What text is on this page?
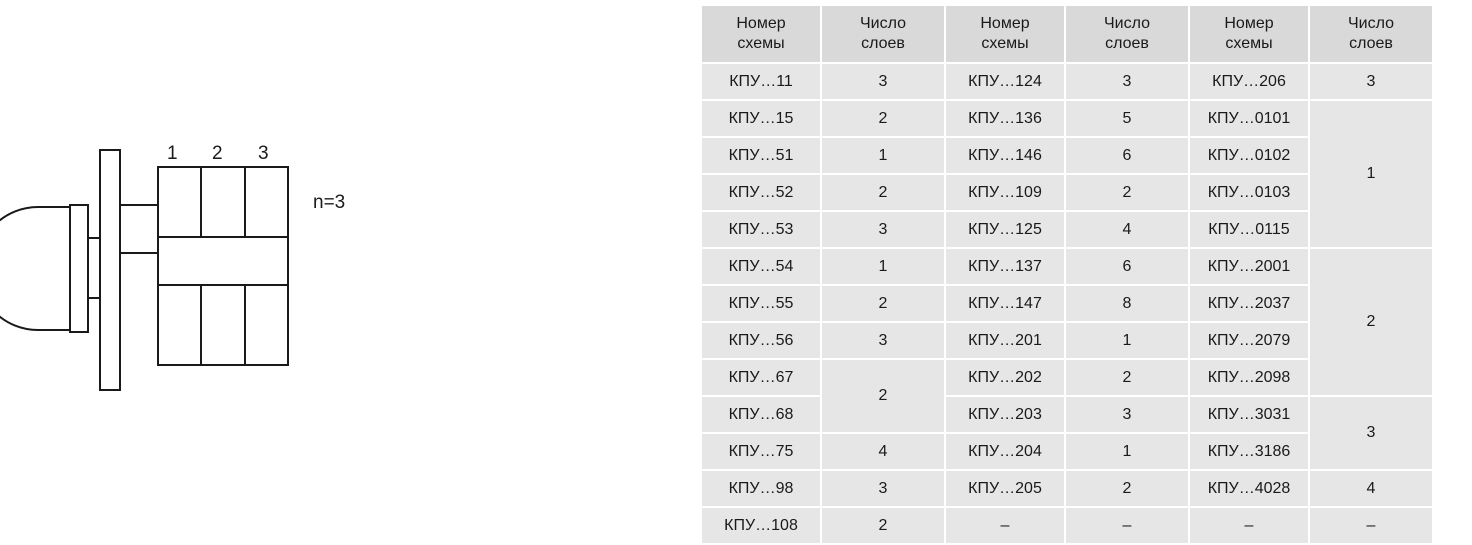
1 2 3
n=3
Номер
схемы	Число
слоев	Номер
схемы	Число
слоев	Номер
схемы	Число
слоев
КПУ…11	3	КПУ…124	3	КПУ…206	3
КПУ…15	2	КПУ…136	5	КПУ…0101	1
КПУ…51	1	КПУ…146	6	КПУ…0102	
КПУ…52	2	КПУ…109	2	КПУ…0103	
КПУ…53	3	КПУ…125	4	КПУ…0115	
КПУ…54	1	КПУ…137	6	КПУ…2001	2
КПУ…55	2	КПУ…147	8	КПУ…2037	
КПУ…56	3	КПУ…201	1	КПУ…2079	
КПУ…67	2	КПУ…202	2	КПУ…2098	
КПУ…68		КПУ…203	3	КПУ…3031	3
КПУ…75	4	КПУ…204	1	КПУ…3186	
КПУ…98	3	КПУ…205	2	КПУ…4028	4
КПУ…108	2	–	–	–	–
